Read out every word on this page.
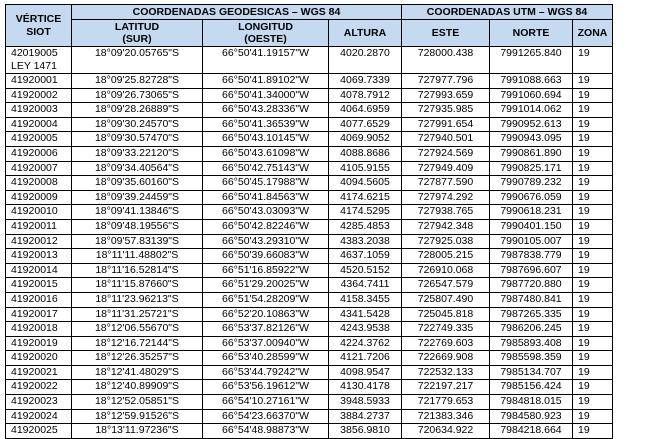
VÉRTICE
SIOT	COORDENADAS GEODESICAS – WGS 84			COORDENADAS UTM – WGS 84		
	LATITUD
(SUR)	LONGITUD
(OESTE)	ALTURA	ESTE	NORTE	ZONA
42019005
LEY 1471	18°09'20.05765"S	66°50'41.19157"W	4020.2870	728000.438	7991265.840	19
41920001	18°09'25.82728"S	66°50'41.89102"W	4069.7339	727977.796	7991088.663	19
41920002	18°09'26.73065"S	66°50'41.34000"W	4078.7912	727993.659	7991060.694	19
41920003	18°09'28.26889"S	66°50'43.28336"W	4064.6959	727935.985	7991014.062	19
41920004	18°09'30.24570"S	66°50'41.36539"W	4077.6529	727991.654	7990952.613	19
41920005	18°09'30.57470"S	66°50'43.10145"W	4069.9052	727940.501	7990943.095	19
41920006	18°09'33.22120"S	66°50'43.61098"W	4088.8686	727924.569	7990861.890	19
41920007	18°09'34.40564"S	66°50'42.75143"W	4105.9155	727949.409	7990825.171	19
41920008	18°09'35.60160"S	66°50'45.17988"W	4094.5605	727877.590	7990789.232	19
41920009	18°09'39.24459"S	66°50'41.84563"W	4174.6215	727974.292	7990676.059	19
41920010	18°09'41.13846"S	66°50'43.03093"W	4174.5295	727938.765	7990618.231	19
41920011	18°09'48.19556"S	66°50'42.82246"W	4285.4853	727942.348	7990401.150	19
41920012	18°09'57.83139"S	66°50'43.29310"W	4383.2038	727925.038	7990105.007	19
41920013	18°11'11.48802"S	66°50'39.66083"W	4637.1059	728005.215	7987838.779	19
41920014	18°11'16.52814"S	66°51'16.85922"W	4520.5152	726910.068	7987696.607	19
41920015	18°11'15.87660"S	66°51'29.20025"W	4364.7411	726547.579	7987720.880	19
41920016	18°11'23.96213"S	66°51'54.28209"W	4158.3455	725807.490	7987480.841	19
41920017	18°11'31.25721"S	66°52'20.10863"W	4341.5428	725045.818	7987265.335	19
41920018	18°12'06.55670"S	66°53'37.82126"W	4243.9538	722749.335	7986206.245	19
41920019	18°12'16.72144"S	66°53'37.00940"W	4224.3762	722769.603	7985893.408	19
41920020	18°12'26.35257"S	66°53'40.28599"W	4121.7206	722669.908	7985598.359	19
41920021	18°12'41.48029"S	66°53'44.79242"W	4098.9547	722532.133	7985134.707	19
41920022	18°12'40.89909"S	66°53'56.19612"W	4130.4178	722197.217	7985156.424	19
41920023	18°12'52.05851"S	66°54'10.27161"W	3948.5933	721779.653	7984818.015	19
41920024	18°12'59.91526"S	66°54'23.66370"W	3884.2737	721383.346	7984580.923	19
41920025	18°13'11.97236"S	66°54'48.98873"W	3856.9810	720634.922	7984218.664	19
